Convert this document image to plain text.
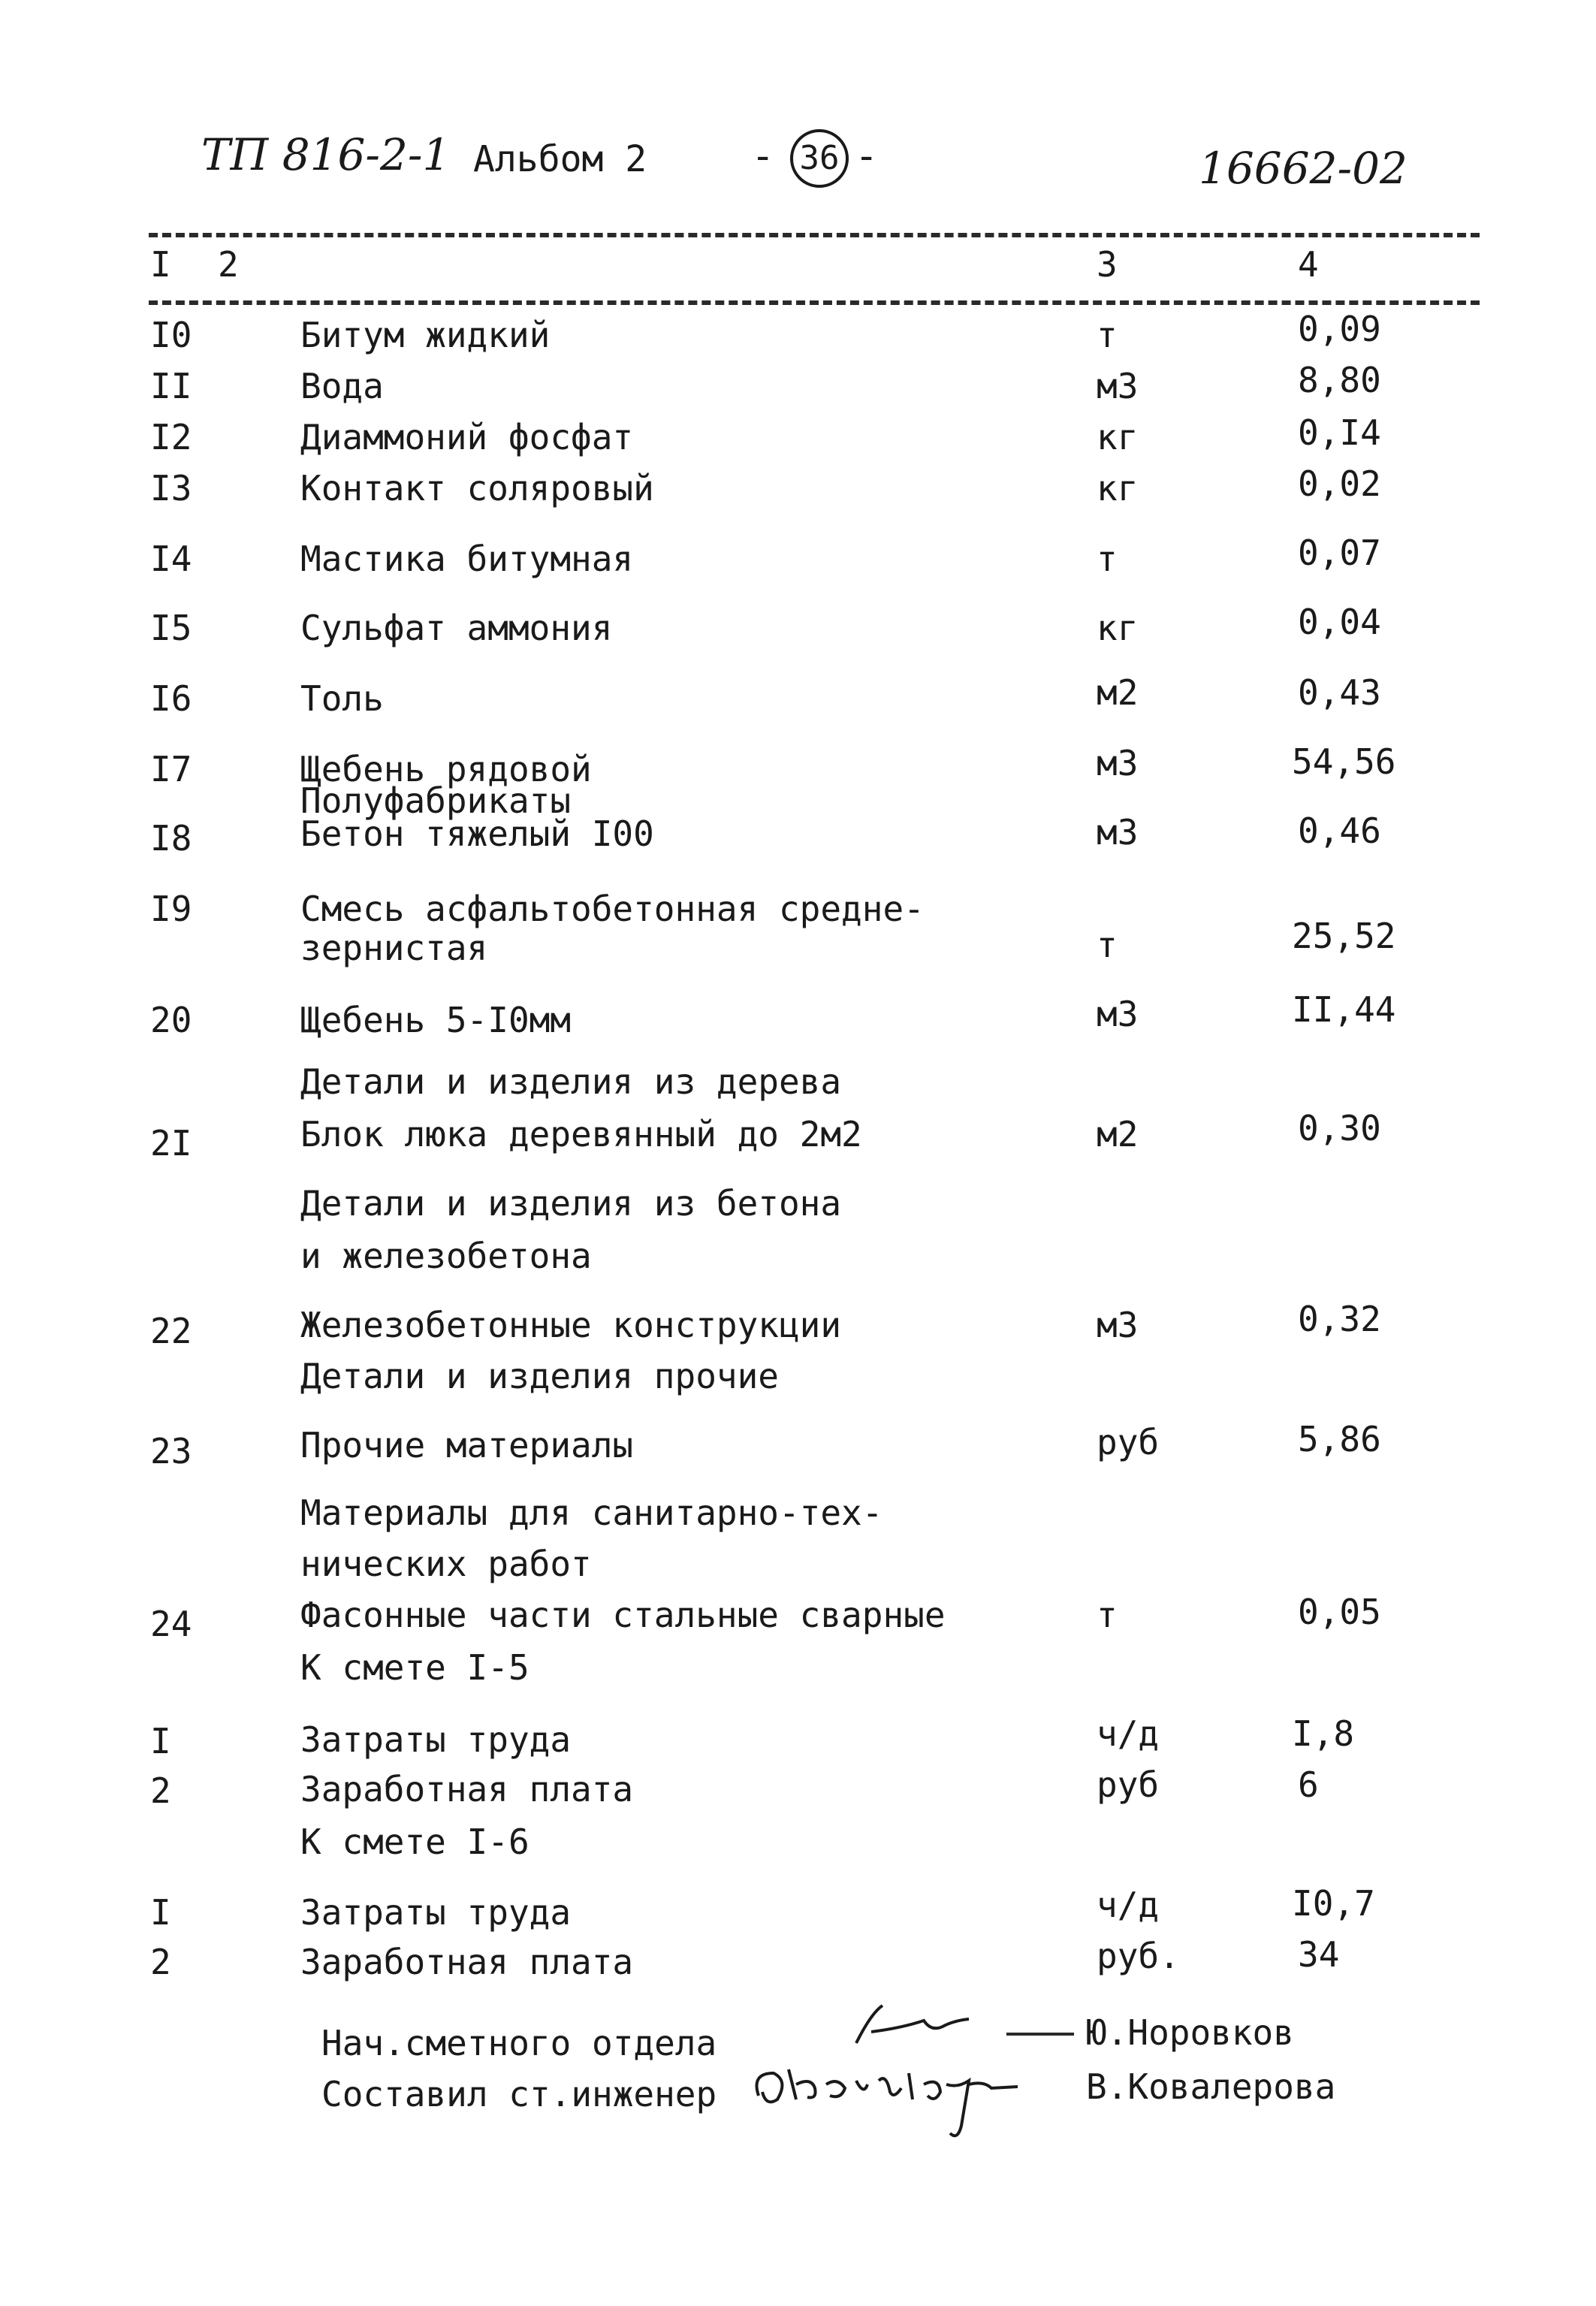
ТП 816-2-1 Альбом 2	- 36 -	16662-02
I 2	3	4
I0	Битум жидкий	т	0,09
II	Вода	м3	8,80
I2	Диаммоний фосфат	кг	0,I4
I3	Контакт соляровый	кг	0,02
I4	Мастика битумная	т	0,07
I5	Сульфат аммония	кг	0,04
I6	Толь	м2	0,43
I7	Щебень рядовой	м3	54,56
Полуфабрикаты
I8	Бетон тяжелый I00	м3	0,46
I9	Смесь асфальтобетонная средне-
зернистая	т	25,52
20	Щебень 5-I0мм	м3	II,44
Детали и изделия из дерева
2I	Блок люка деревянный до 2м2	м2	0,30
Детали и изделия из бетона
и железобетона
22	Железобетонные конструкции	м3	0,32
Детали и изделия прочие
23	Прочие материалы	руб	5,86
Материалы для санитарно-тех-
нических работ
24	Фасонные части стальные сварные	т	0,05
К смете I-5
I	Затраты труда	ч/д	I,8
2	Заработная плата	руб	6
К смете I-6
I	Затраты труда	ч/д	I0,7
2	Заработная плата	руб.	34
Нач.сметного отдела	Ю.Норовков
Составил ст.инженер	В.Ковалерова
